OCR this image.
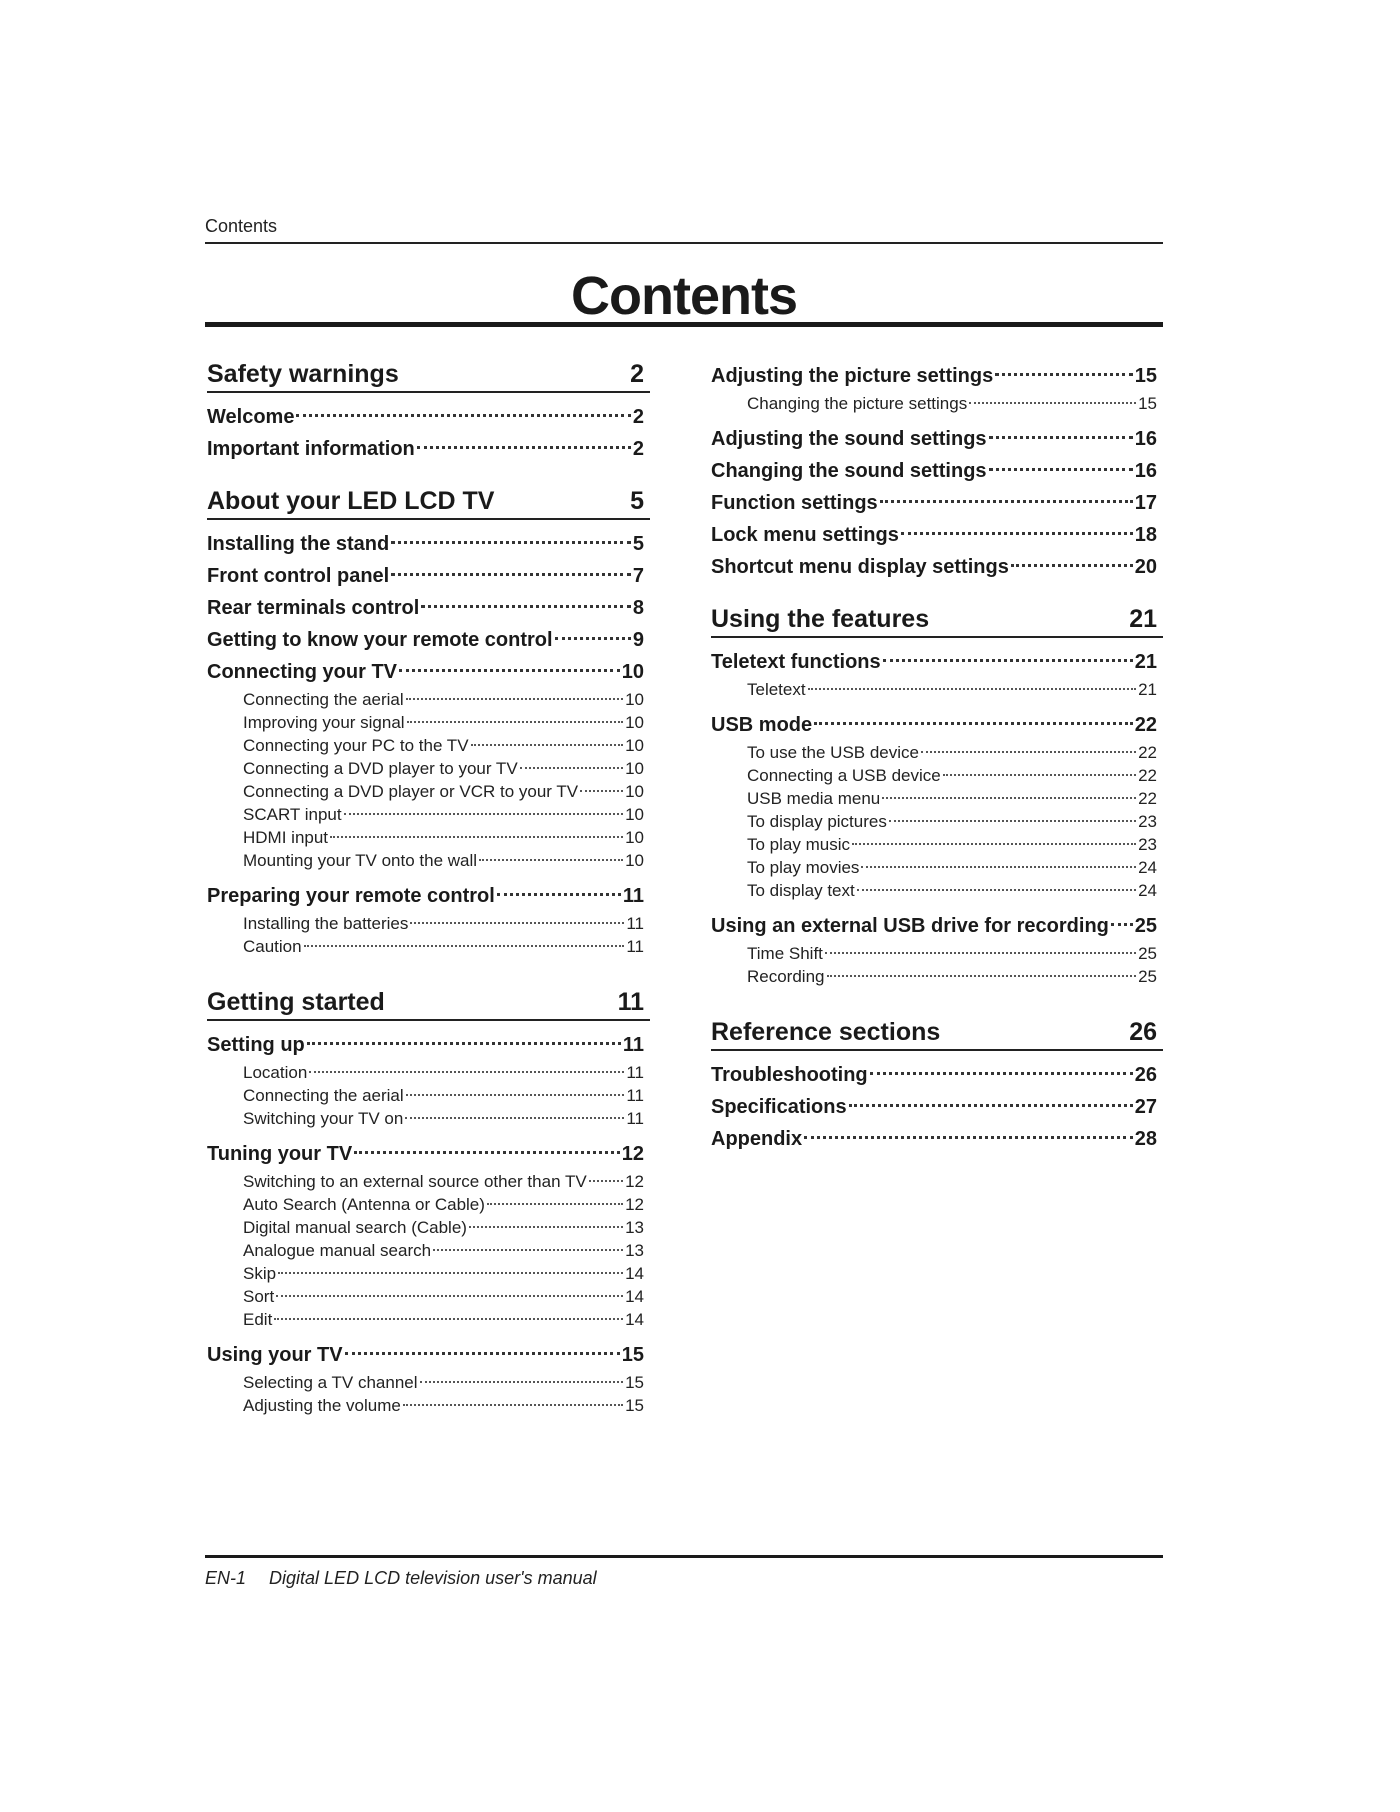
Contents
Contents
Safety warnings	2
Welcome	2
Important information	2
About your LED LCD TV	5
Installing the stand	5
Front control panel	7
Rear terminals control	8
Getting to know your remote control	9
Connecting your TV	10
Connecting the aerial	10
Improving your signal	10
Connecting your PC to the TV	10
Connecting a DVD player to your TV	10
Connecting a DVD player or VCR to your TV	10
SCART input	10
HDMI input	10
Mounting your TV onto the wall	10
Preparing your remote control	11
Installing the batteries	11
Caution	11
Getting started	11
Setting up	11
Location	11
Connecting the aerial	11
Switching your TV on	11
Tuning your TV	12
Switching to an external source other than TV 12
Auto Search (Antenna or Cable)	12
Digital manual search (Cable)	13
Analogue manual search	13
Skip	14
Sort	14
Edit	14
Using your TV	15
Selecting a TV channel	15
Adjusting the volume	15
Adjusting the picture settings	15
Changing the picture settings	15
Adjusting the sound settings	16
Changing the sound settings	16
Function settings	17
Lock menu settings	18
Shortcut menu display settings	20
Using the features	21
Teletext functions	21
Teletext	21
USB mode	22
To use the USB device	22
Connecting a USB device	22
USB media menu	22
To display pictures	23
To play music	23
To play movies	24
To display text	24
Using an external USB drive for recording 25
Time Shift	25
Recording	25
Reference sections	26
Troubleshooting	26
Specifications	27
Appendix	28
EN-1 Digital LED LCD television user's manual
